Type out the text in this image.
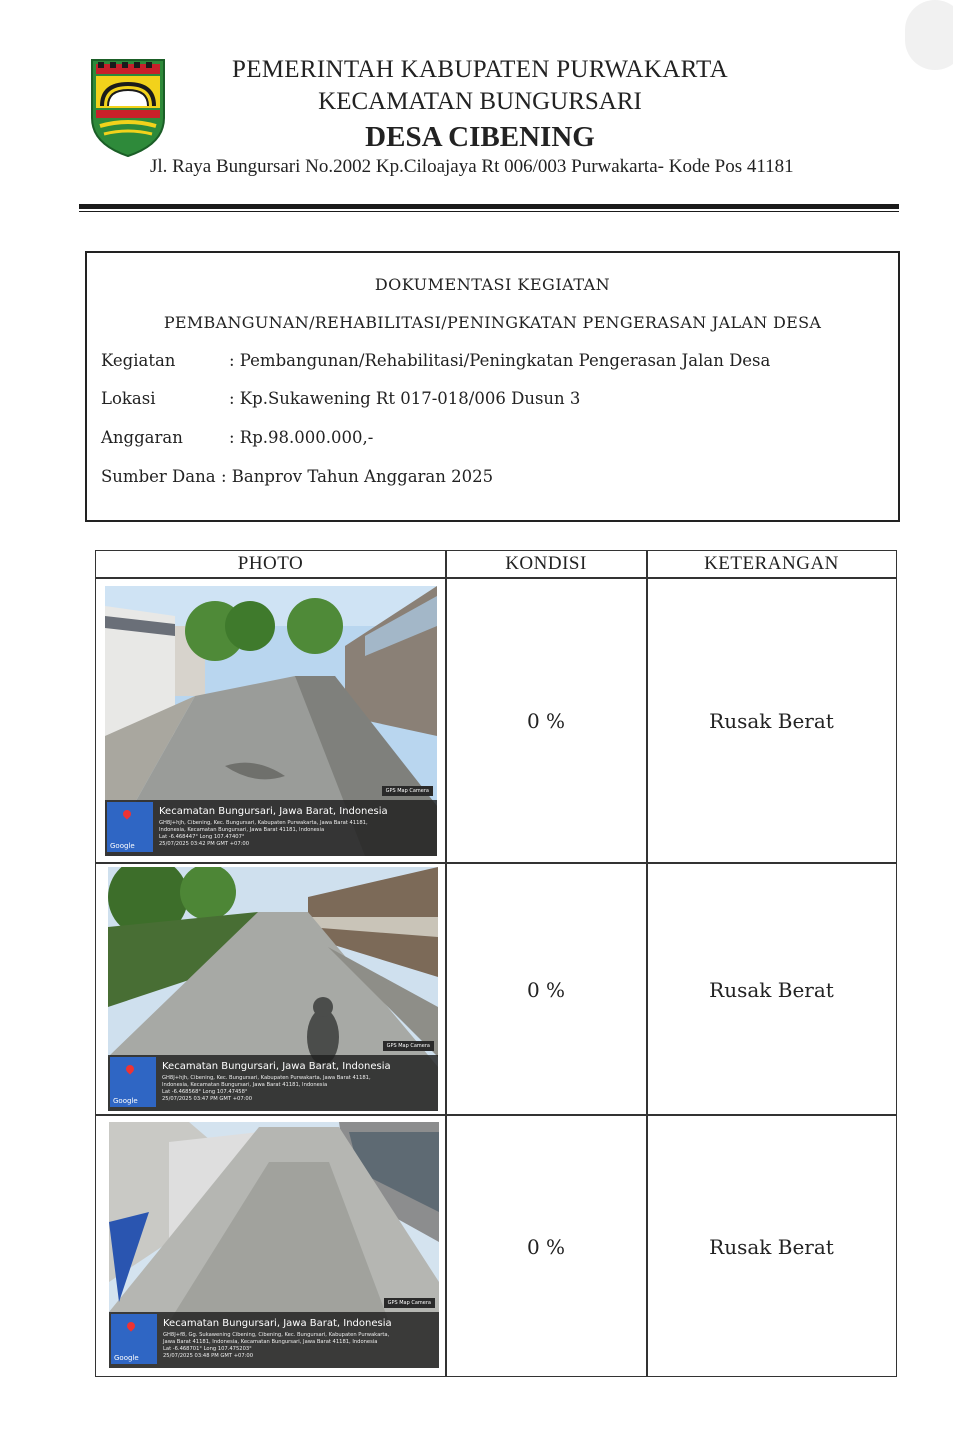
PEMERINTAH KABUPATEN PURWAKARTA
KECAMATAN BUNGURSARI
DESA CIBENING
Jl. Raya Bungursari No.2002 Kp.Ciloajaya Rt 006/003 Purwakarta- Kode Pos 41181
DOKUMENTASI KEGIATAN
PEMBANGUNAN/REHABILITASI/PENINGKATAN PENGERASAN JALAN DESA
Kegiatan	: Pembangunan/Rehabilitasi/Peningkatan Pengerasan Jalan Desa
Lokasi	: Kp.Sukawening Rt 017-018/006 Dusun 3
Anggaran	: Rp.98.000.000,-
Sumber Dana : Banprov Tahun Anggaran 2025
PHOTO	KONDISI	KETERANGAN
GPS Map Camera
Google
Kecamatan Bungursari, Jawa Barat, Indonesia
GH8J+hjh, Cibening, Kec. Bungursari, Kabupaten Purwakarta, Jawa Barat 41181,
Indonesia, Kecamatan Bungursari, Jawa Barat 41181, Indonesia
Lat -6.468447° Long 107.47407°
25/07/2025 03:42 PM GMT +07:00
0 %	Rusak Berat
GPS Map Camera
Google
Kecamatan Bungursari, Jawa Barat, Indonesia
GH8J+hjh, Cibening, Kec. Bungursari, Kabupaten Purwakarta, Jawa Barat 41181,
Indonesia, Kecamatan Bungursari, Jawa Barat 41181, Indonesia
Lat -6.468568° Long 107.47458°
25/07/2025 03:47 PM GMT +07:00
0 %	Rusak Berat
GPS Map Camera
Google
Kecamatan Bungursari, Jawa Barat, Indonesia
GH8J+f8, Gg. Sukawening Cibening, Cibening, Kec. Bungursari, Kabupaten Purwakarta,
Jawa Barat 41181, Indonesia, Kecamatan Bungursari, Jawa Barat 41181, Indonesia
Lat -6.468701° Long 107.475203°
25/07/2025 03:48 PM GMT +07:00
0 %	Rusak Berat
